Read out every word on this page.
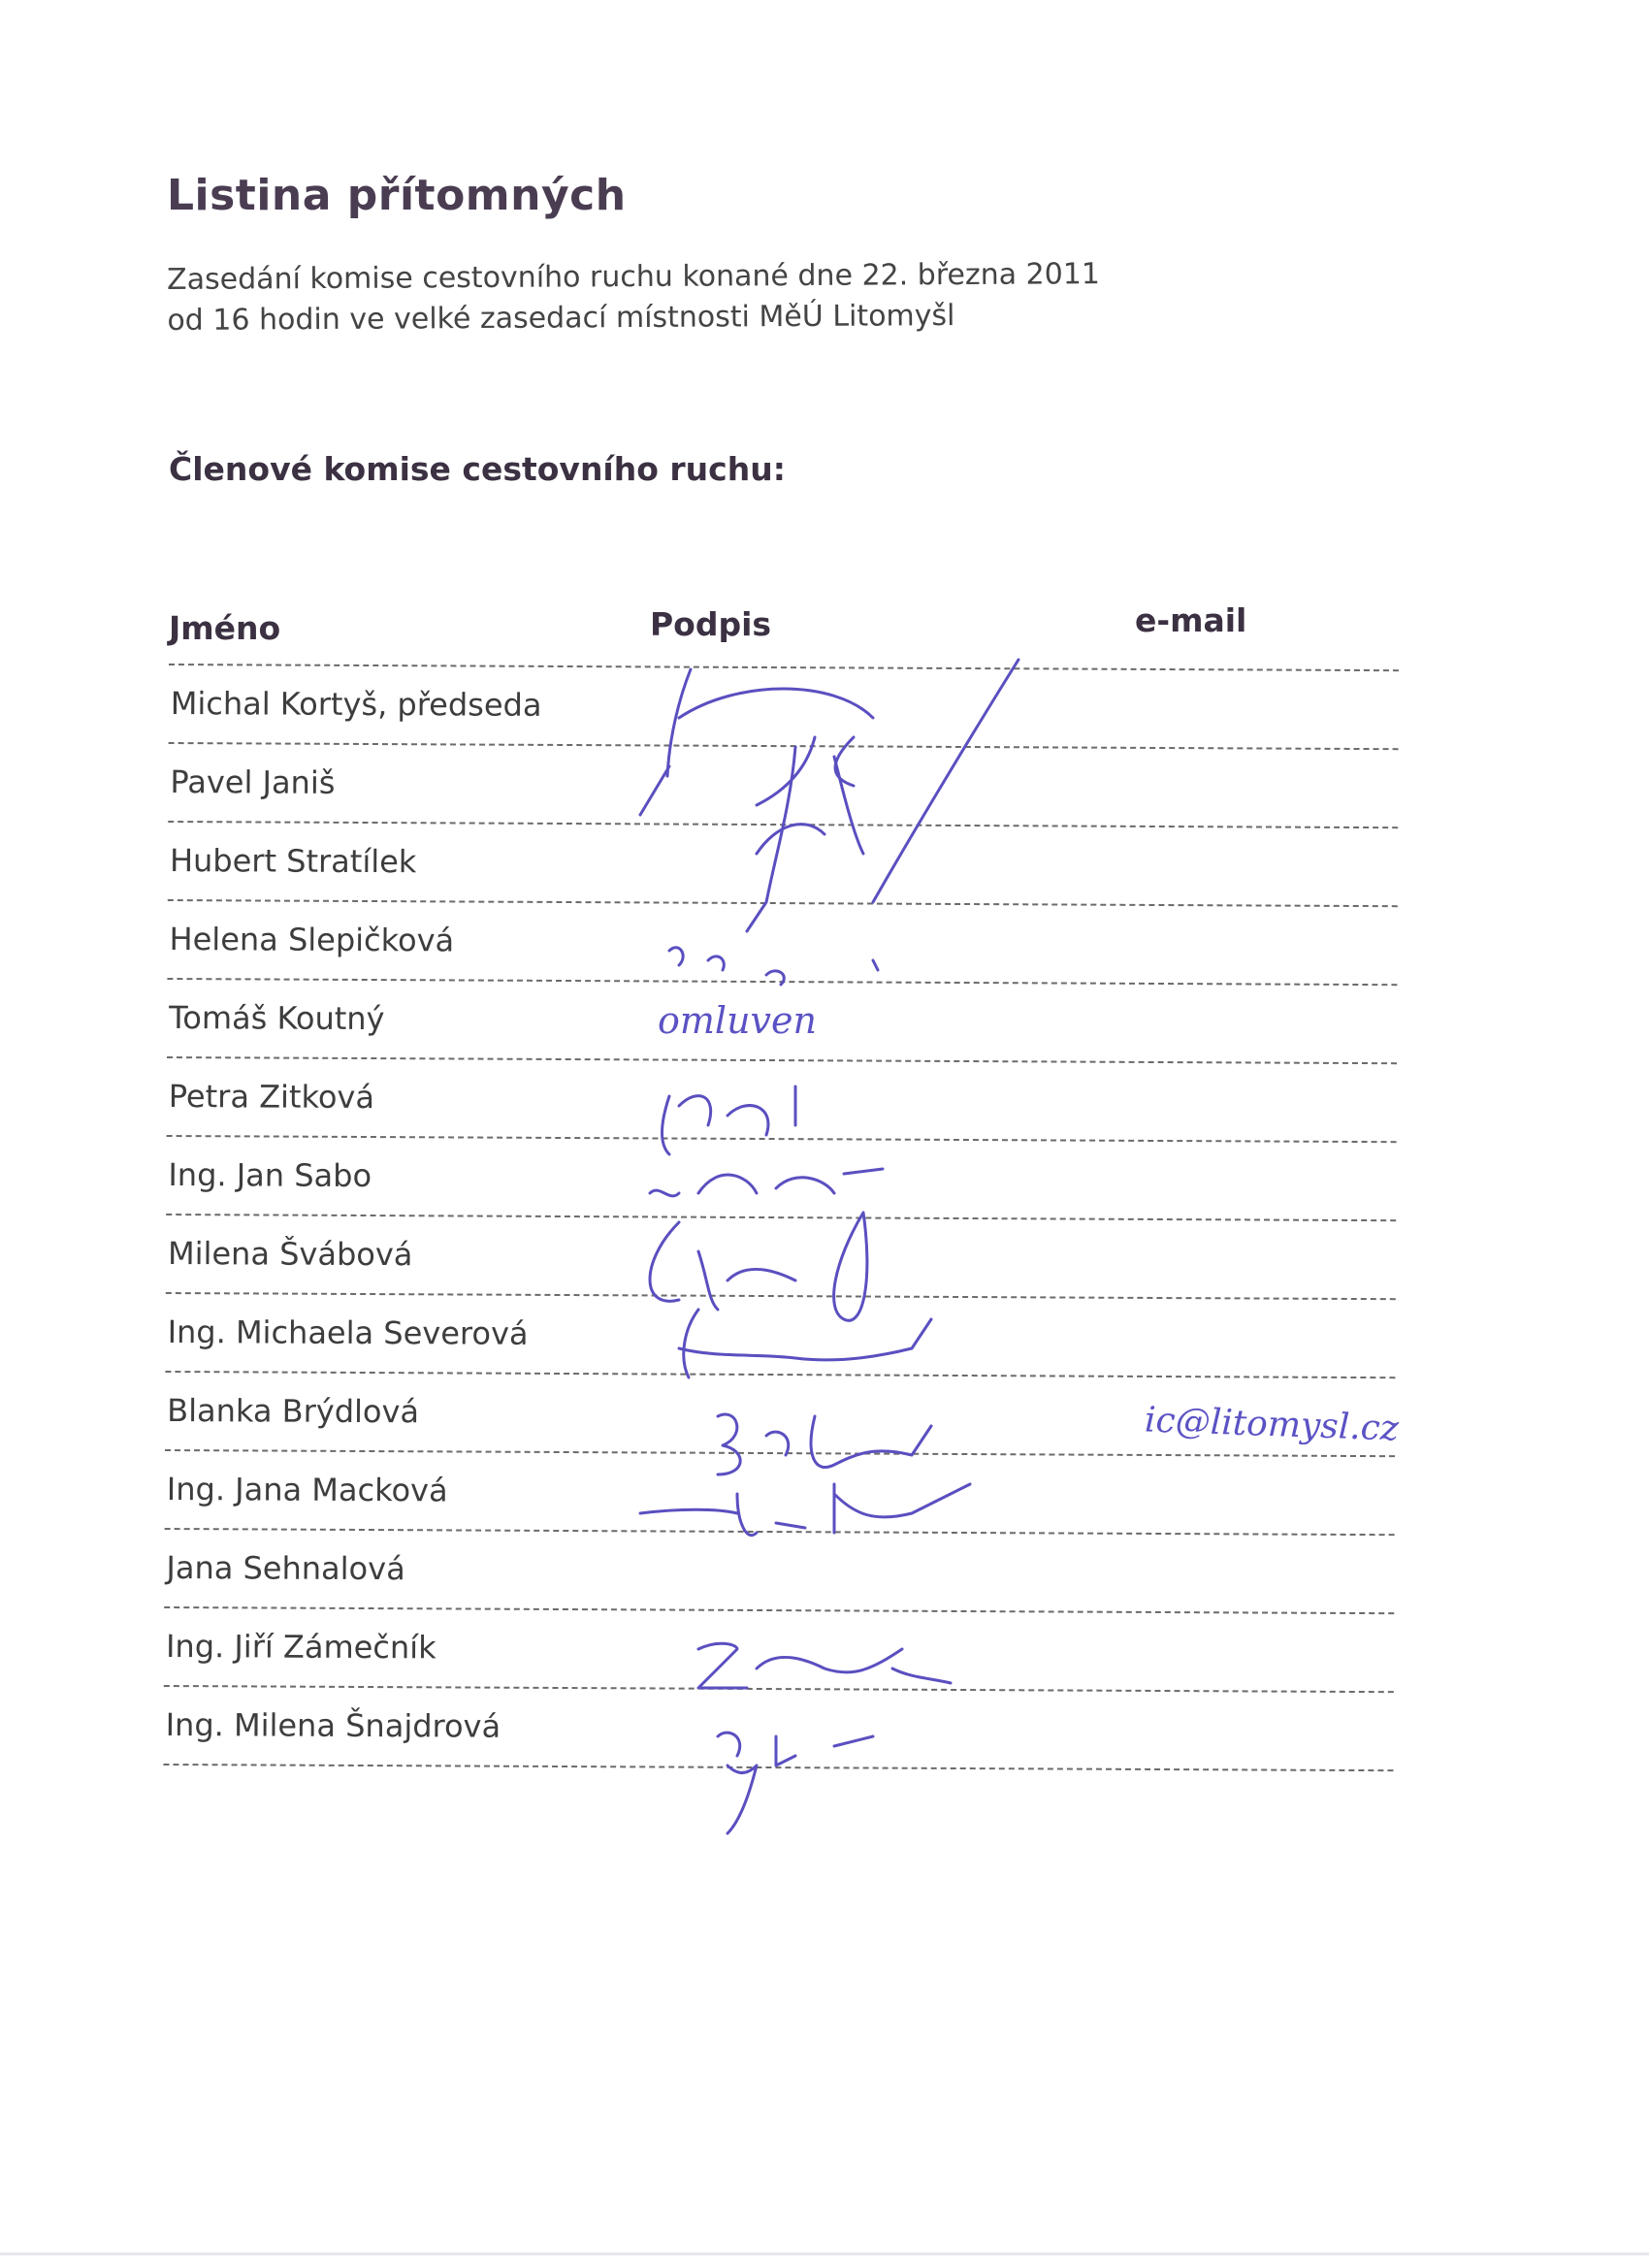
Listina přítomných
Zasedání komise cestovního ruchu konané dne 22. března 2011
od 16 hodin ve velké zasedací místnosti MěÚ Litomyšl
Členové komise cestovního ruchu:
Jméno	Podpis	e-mail
Michal Kortyš, předseda
Pavel Janiš
Hubert Stratílek
Helena Slepičková
Tomáš Koutný
Petra Zitková
Ing. Jan Sabo
Milena Švábová
Ing. Michaela Severová
Blanka Brýdlová
Ing. Jana Macková
Jana Sehnalová
Ing. Jiří Zámečník
Ing. Milena Šnajdrová
omluven
ic@litomysl.cz
